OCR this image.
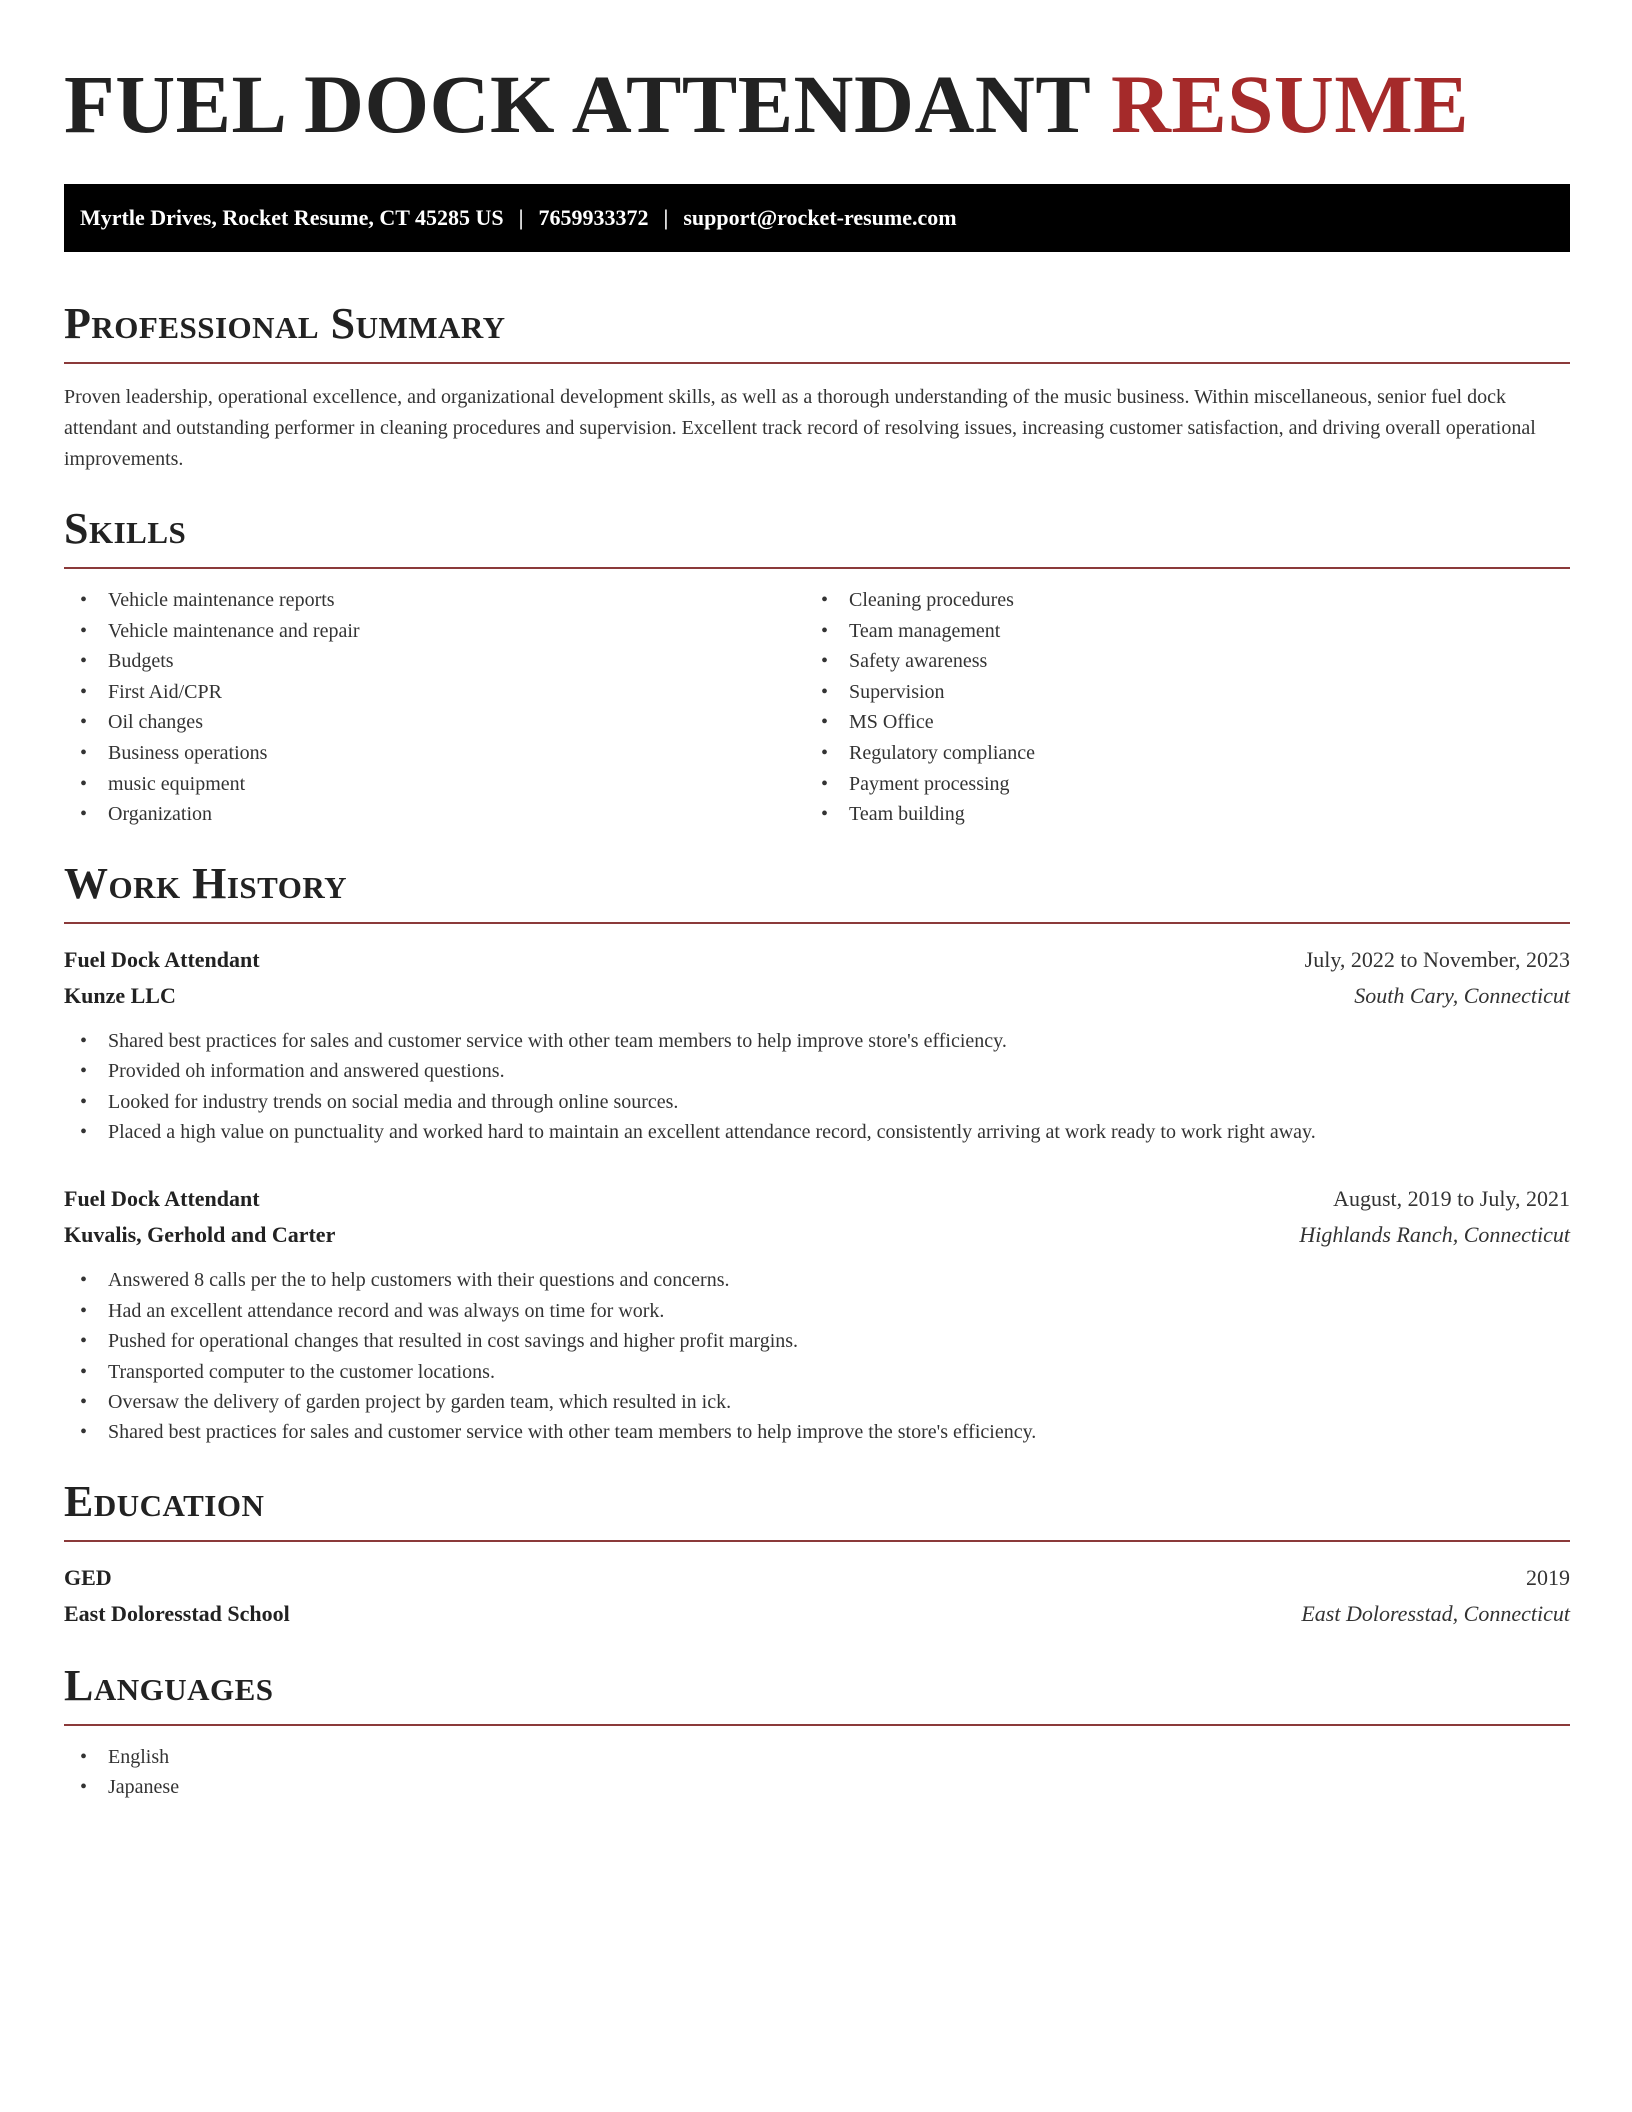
FUEL DOCK ATTENDANT RESUME
Myrtle Drives, Rocket Resume, CT 45285 US | 7659933372 | support@rocket-resume.com
Professional Summary

Proven leadership, operational excellence, and organizational development skills, as well as a thorough understanding of the music business. Within miscellaneous, senior fuel dock attendant and outstanding performer in cleaning procedures and supervision. Excellent track record of resolving issues, increasing customer satisfaction, and driving overall operational improvements.

Skills
• Vehicle maintenance reports
• Vehicle maintenance and repair
• Budgets
• First Aid/CPR
• Oil changes
• Business operations
• music equipment
• Organization
• Cleaning procedures
• Team management
• Safety awareness
• Supervision
• MS Office
• Regulatory compliance
• Payment processing
• Team building
Work History
Fuel Dock Attendant	July, 2022 to November, 2023
Kunze LLC	South Cary, Connecticut
• Shared best practices for sales and customer service with other team members to help improve store's efficiency.
• Provided oh information and answered questions.
• Looked for industry trends on social media and through online sources.
• Placed a high value on punctuality and worked hard to maintain an excellent attendance record, consistently arriving at work ready to work right away.
Fuel Dock Attendant	August, 2019 to July, 2021
Kuvalis, Gerhold and Carter	Highlands Ranch, Connecticut
• Answered 8 calls per the to help customers with their questions and concerns.
• Had an excellent attendance record and was always on time for work.
• Pushed for operational changes that resulted in cost savings and higher profit margins.
• Transported computer to the customer locations.
• Oversaw the delivery of garden project by garden team, which resulted in ick.
• Shared best practices for sales and customer service with other team members to help improve the store's efficiency.
Education
GED	2019
East Doloresstad School	East Doloresstad, Connecticut
Languages
• English
• Japanese
